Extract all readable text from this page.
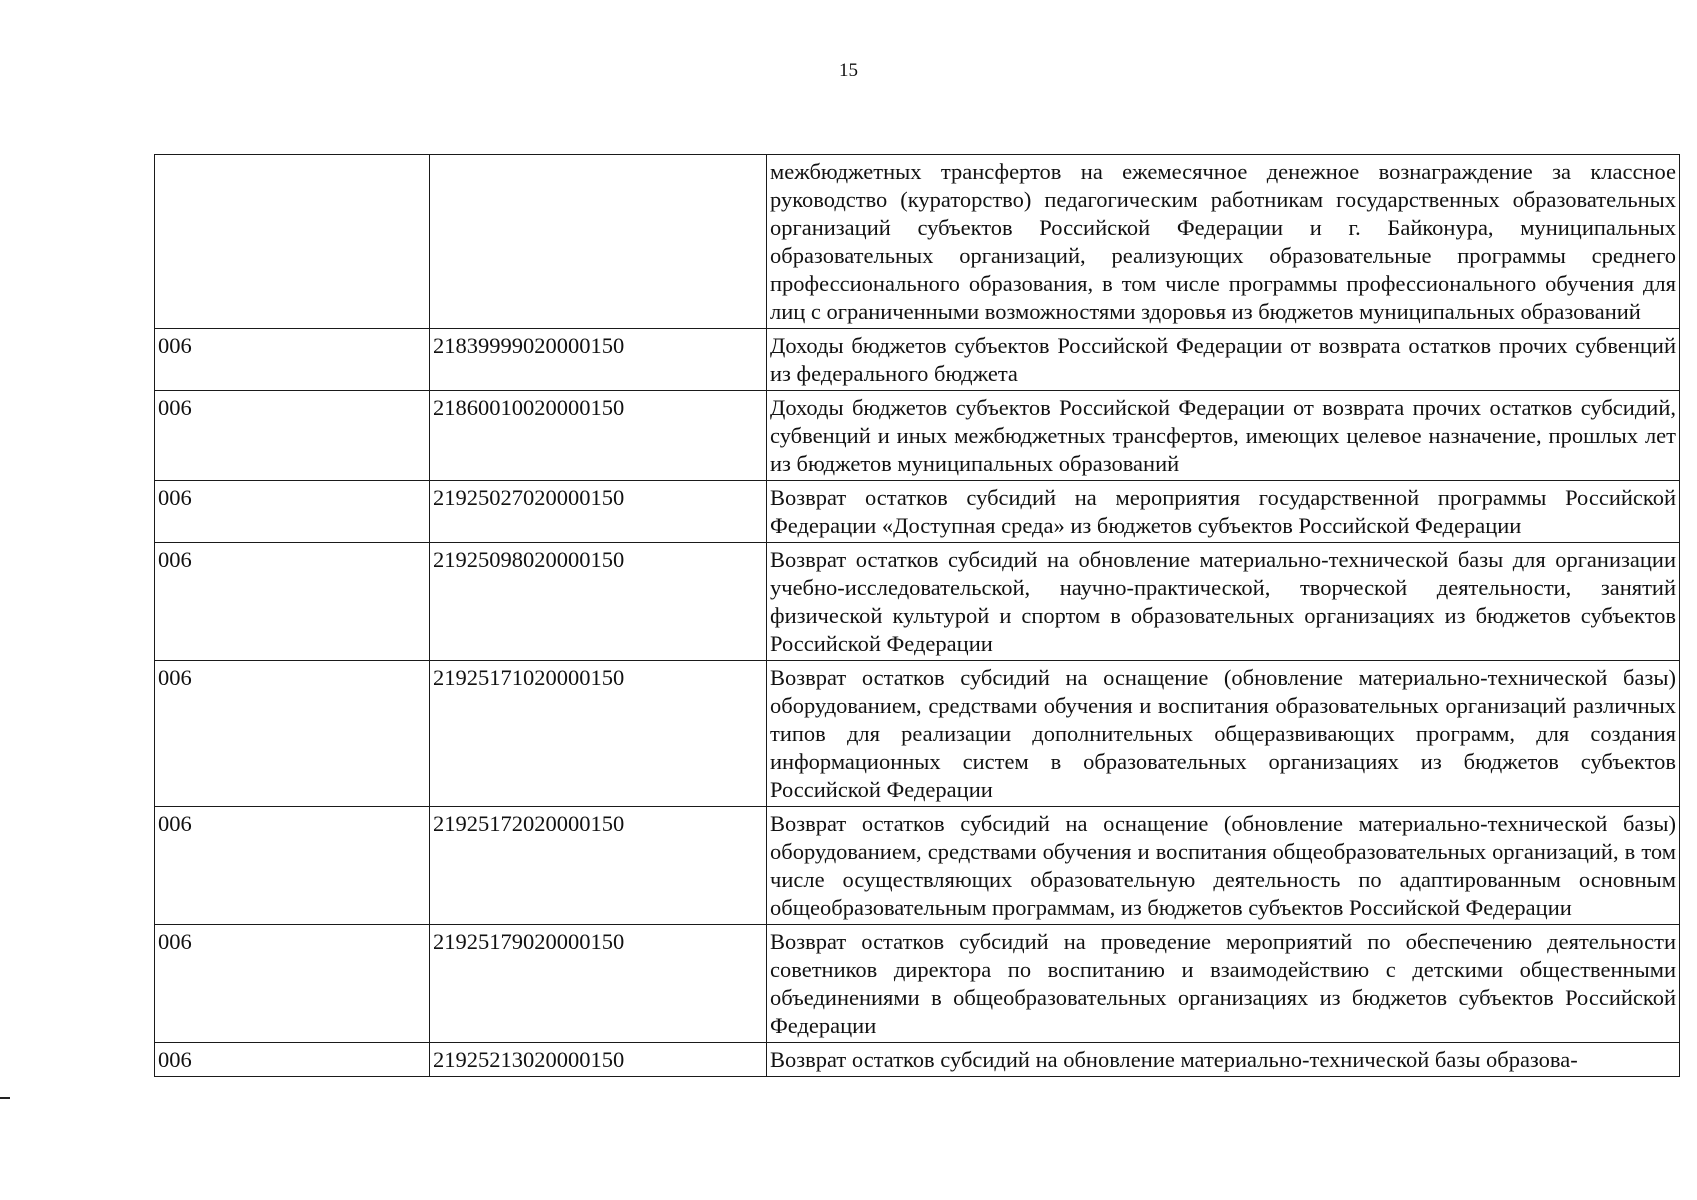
15
		межбюджетных трансфертов на ежемесячное денежное вознаграждение за классное руководство (кураторство) педагогическим работникам государственных образовательных организаций субъектов Российской Федерации и г. Байконура, муниципальных образовательных организаций, реализующих образовательные программы среднего профессионального образования, в том числе программы профессионального обучения для лиц с ограниченными возможностями здоровья из бюджетов муниципальных образований
006	21839999020000150	Доходы бюджетов субъектов Российской Федерации от возврата остатков прочих субвенций из федерального бюджета
006	21860010020000150	Доходы бюджетов субъектов Российской Федерации от возврата прочих остатков субсидий, субвенций и иных межбюджетных трансфертов, имеющих целевое назначение, прошлых лет из бюджетов муниципальных образований
006	21925027020000150	Возврат остатков субсидий на мероприятия государственной программы Российской Федерации «Доступная среда» из бюджетов субъектов Российской Федерации
006	21925098020000150	Возврат остатков субсидий на обновление материально-технической базы для организации учебно-исследовательской, научно-практической, творческой деятельности, занятий физической культурой и спортом в образовательных организациях из бюджетов субъектов Российской Федерации
006	21925171020000150	Возврат остатков субсидий на оснащение (обновление материально-технической базы) оборудованием, средствами обучения и воспитания образовательных организаций различных типов для реализации дополнительных общеразвивающих программ, для создания информационных систем в образовательных организациях из бюджетов субъектов Российской Федерации
006	21925172020000150	Возврат остатков субсидий на оснащение (обновление материально-технической базы) оборудованием, средствами обучения и воспитания общеобразовательных организаций, в том числе осуществляющих образовательную деятельность по адаптированным основным общеобразовательным программам, из бюджетов субъектов Российской Федерации
006	21925179020000150	Возврат остатков субсидий на проведение мероприятий по обеспечению деятельности советников директора по воспитанию и взаимодействию с детскими общественными объединениями в общеобразовательных организациях из бюджетов субъектов Российской Федерации
006	21925213020000150	Возврат остатков субсидий на обновление материально-технической базы образова-
